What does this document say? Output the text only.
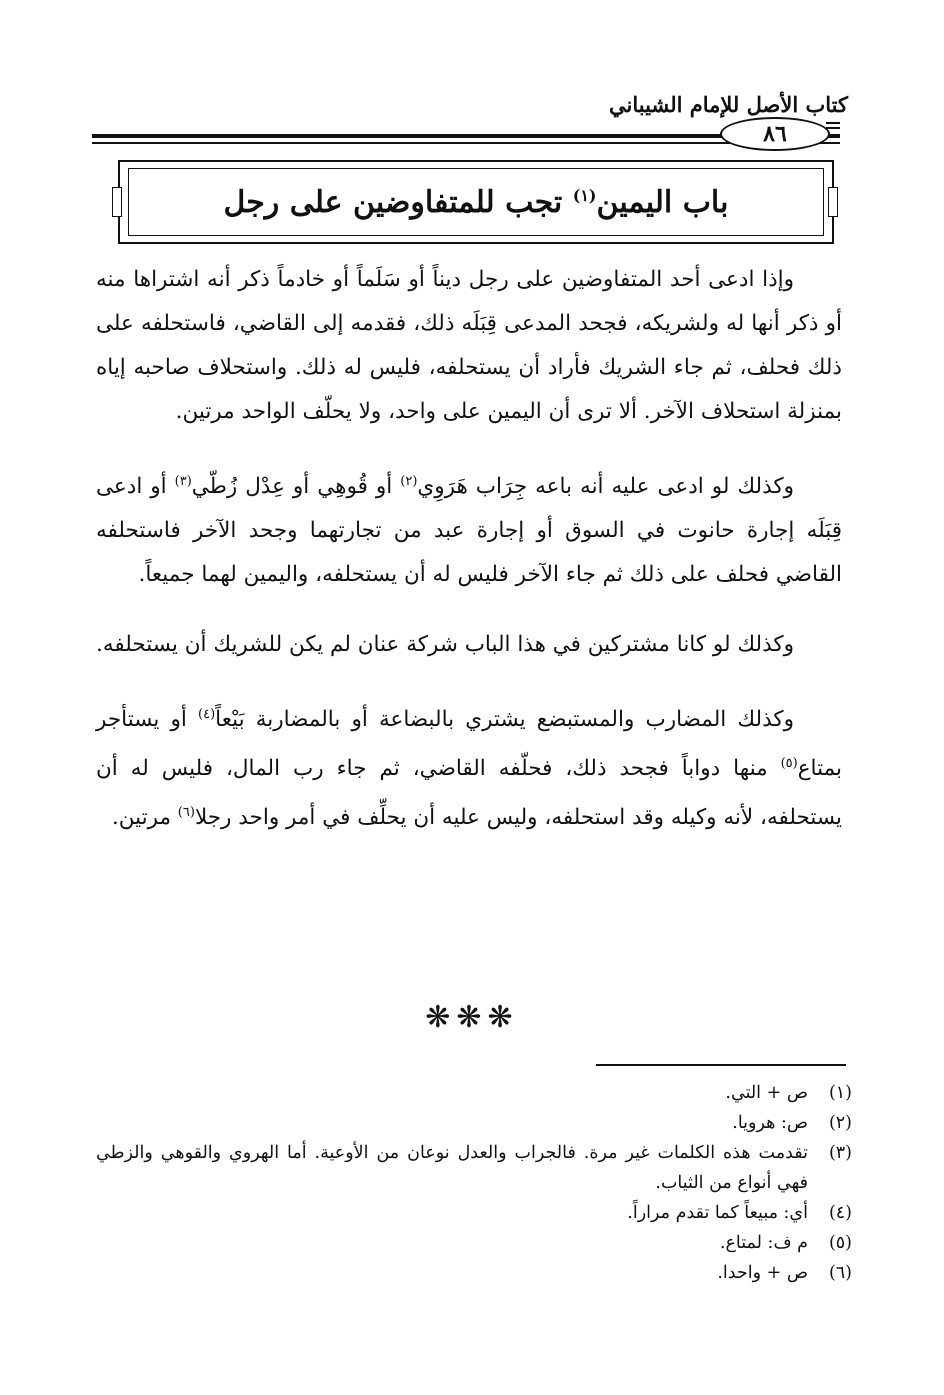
كتاب الأصل للإمام الشيباني
٨٦
باب اليمين$^{(١)}$ تجب للمتفاوضين على رجل

وإذا ادعى أحد المتفاوضين على رجل ديناً أو سَلَماً أو خادماً ذكر أنه اشتراها منه أو ذكر أنها له ولشريكه، فجحد المدعى قِبَلَه ذلك، فقدمه إلى القاضي، فاستحلفه على ذلك فحلف، ثم جاء الشريك فأراد أن يستحلفه، فليس له ذلك. واستحلاف صاحبه إياه بمنزلة استحلاف الآخر. ألا ترى أن اليمين على واحد، ولا يحلّف الواحد مرتين.

وكذلك لو ادعى عليه أنه باعه جِرَاب هَرَوِي$^{(٢)}$ أو قُوهِي أو عِدْل زُطّي$^{(٣)}$ أو ادعى قِبَلَه إجارة حانوت في السوق أو إجارة عبد من تجارتهما وجحد الآخر فاستحلفه القاضي فحلف على ذلك ثم جاء الآخر فليس له أن يستحلفه، واليمين لهما جميعاً.

وكذلك لو كانا مشتركين في هذا الباب شركة عنان لم يكن للشريك أن يستحلفه.

وكذلك المضارب والمستبضع يشتري بالبضاعة أو بالمضاربة بَيْعاً$^{(٤)}$ أو يستأجر بمتاع$^{(٥)}$ منها دواباً فجحد ذلك، فحلّفه القاضي، ثم جاء رب المال، فليس له أن يستحلفه، لأنه وكيله وقد استحلفه، وليس عليه أن يحلِّف في أمر واحد رجلا$^{(٦)}$ مرتين.

❋❋❋
(١)
ص + التي.
(٢)
ص: هرويا.
(٣)
تقدمت هذه الكلمات غير مرة. فالجراب والعدل نوعان من الأوعية. أما الهروي والقوهي والزطي فهي أنواع من الثياب.
(٤)
أي: مبيعاً كما تقدم مراراً.
(٥)
م ف: لمتاع.
(٦)
ص + واحدا.
